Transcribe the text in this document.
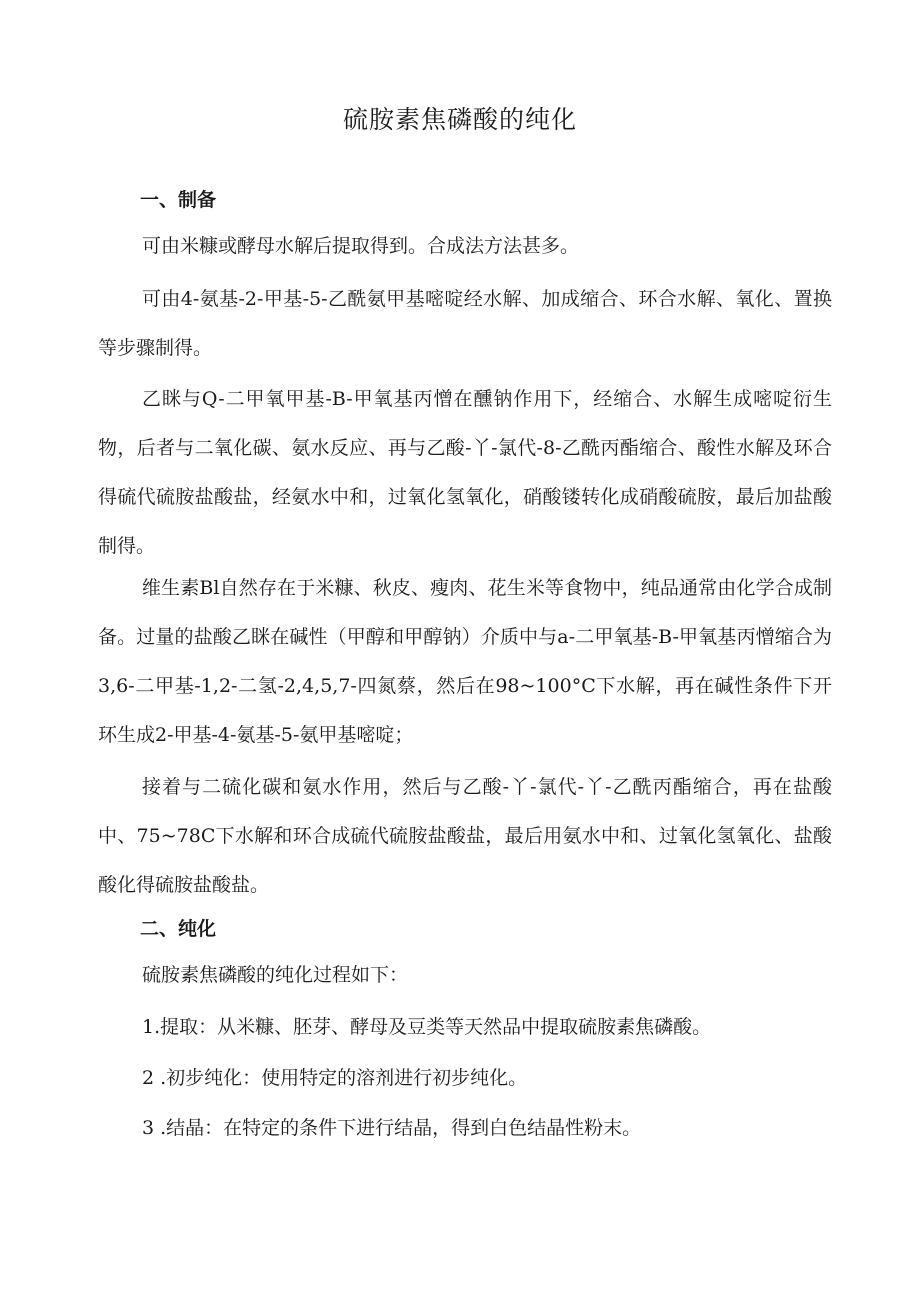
硫胺素焦磷酸的纯化
一、制备

可由米糠或酵母水解后提取得到。合成法方法甚多。

可由4-氨基-2-甲基-5-乙酰氨甲基嘧啶经水解、加成缩合、环合水解、氧化、置换等步骤制得。

乙眯与Q-二甲氧甲基-B-甲氧基丙憎在醺钠作用下，经缩合、水解生成嘧啶衍生物，后者与二氧化碳、氨水反应、再与乙酸-丫-氯代-8-乙酰丙酯缩合、酸性水解及环合得硫代硫胺盐酸盐，经氨水中和，过氧化氢氧化，硝酸镂转化成硝酸硫胺，最后加盐酸制得。

维生素Bl自然存在于米糠、秋皮、瘦肉、花生米等食物中，纯品通常由化学合成制备。过量的盐酸乙眯在碱性（甲醇和甲醇钠）介质中与a-二甲氧基-B-甲氧基丙憎缩合为3,6-二甲基-1,2-二氢-2,4,5,7-四氮蔡，然后在98~100°C下水解，再在碱性条件下开环生成2-甲基-4-氨基-5-氨甲基嘧啶；

接着与二硫化碳和氨水作用，然后与乙酸-丫-氯代-丫-乙酰丙酯缩合，再在盐酸中、75~78C下水解和环合成硫代硫胺盐酸盐，最后用氨水中和、过氧化氢氧化、盐酸酸化得硫胺盐酸盐。

二、纯化

硫胺素焦磷酸的纯化过程如下：

1.提取：从米糠、胚芽、酵母及豆类等天然品中提取硫胺素焦磷酸。

2 .初步纯化：使用特定的溶剂进行初步纯化。

3 .结晶：在特定的条件下进行结晶，得到白色结晶性粉末。
